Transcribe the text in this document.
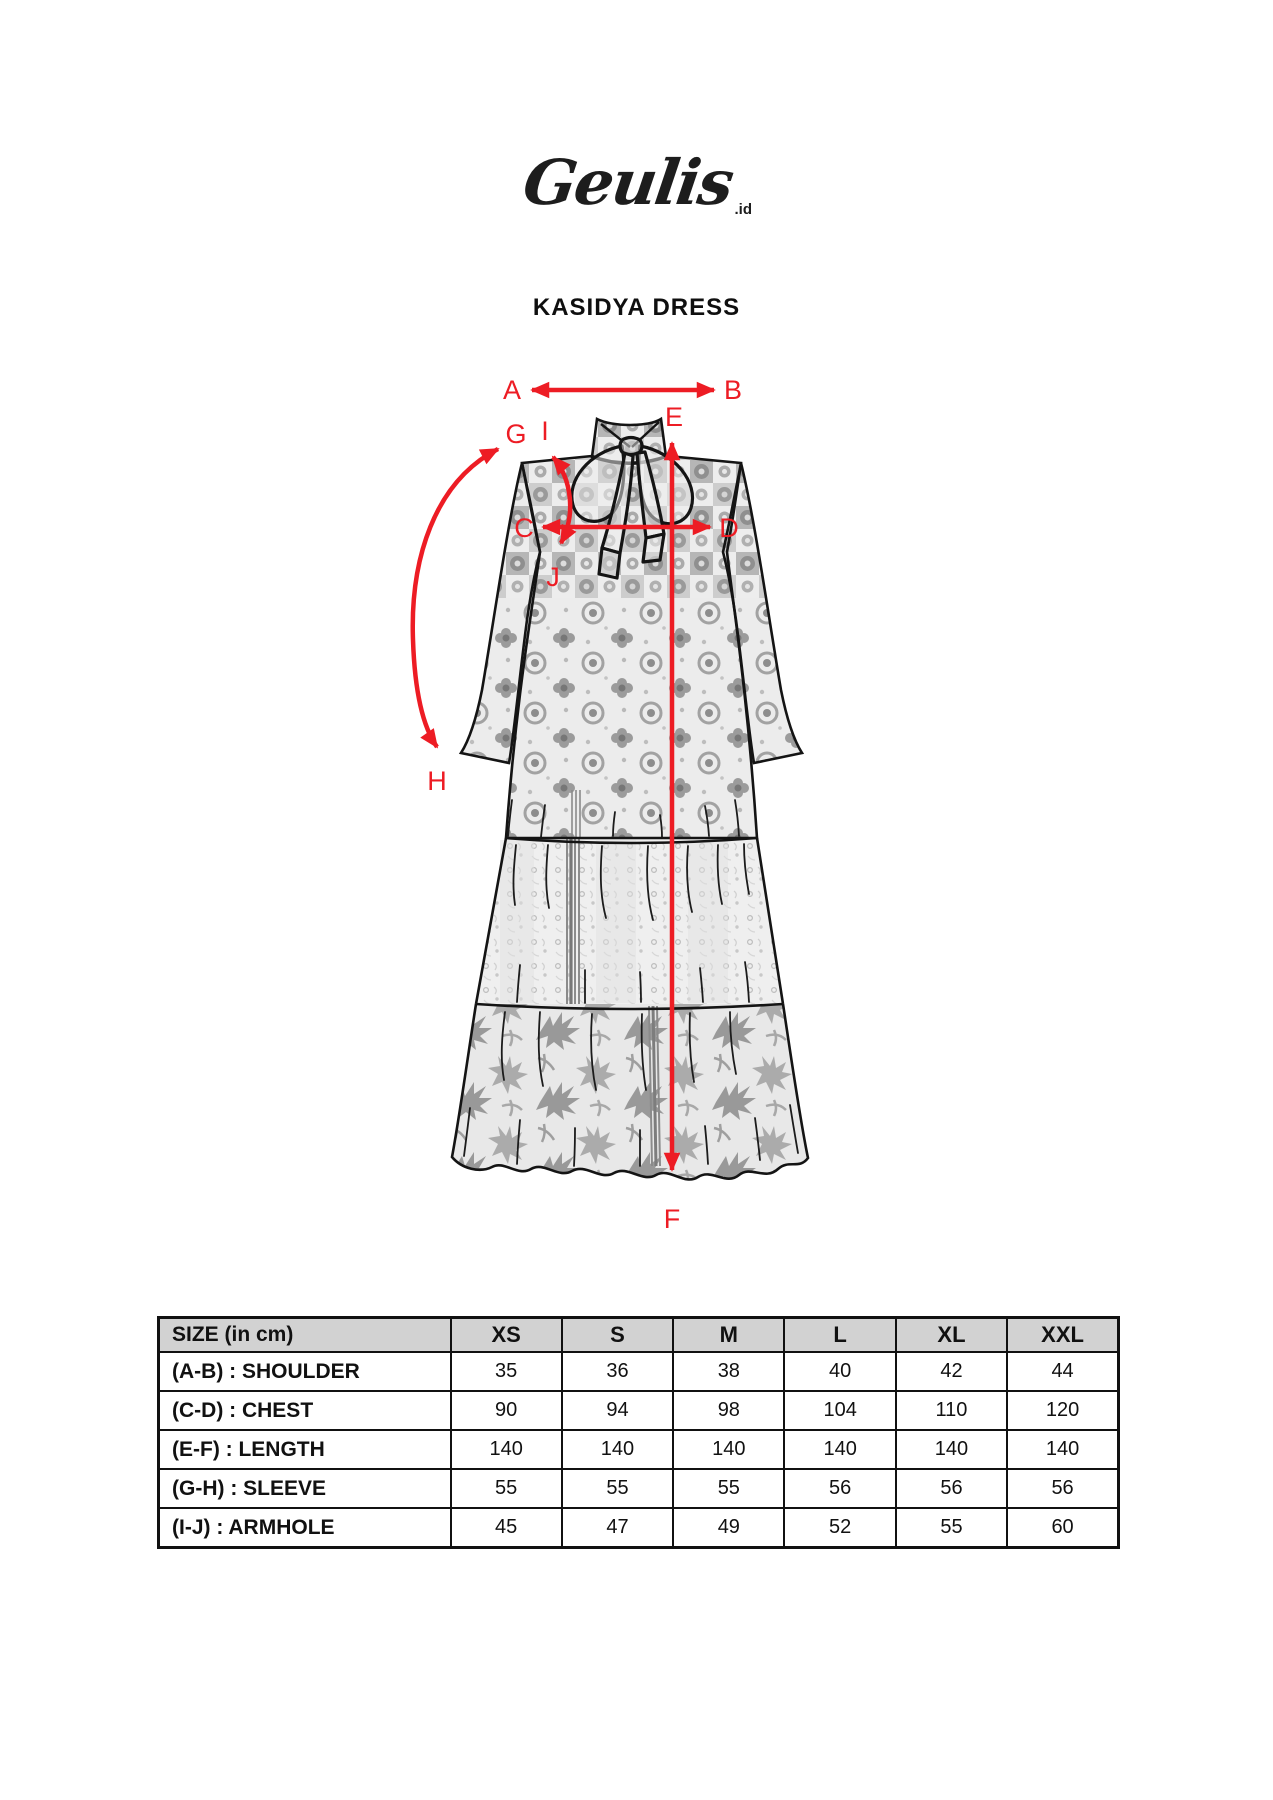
Geulis.id
KASIDYA DRESS
A	B
C	D
E
F
G
H
I
J
SIZE (in cm)	XS	S	M	L	XL	XXL
(A-B) : SHOULDER	35	36	38	40	42	44
(C-D) : CHEST	90	94	98	104	110	120
(E-F) : LENGTH	140	140	140	140	140	140
(G-H) : SLEEVE	55	55	55	56	56	56
(I-J) : ARMHOLE	45	47	49	52	55	60
